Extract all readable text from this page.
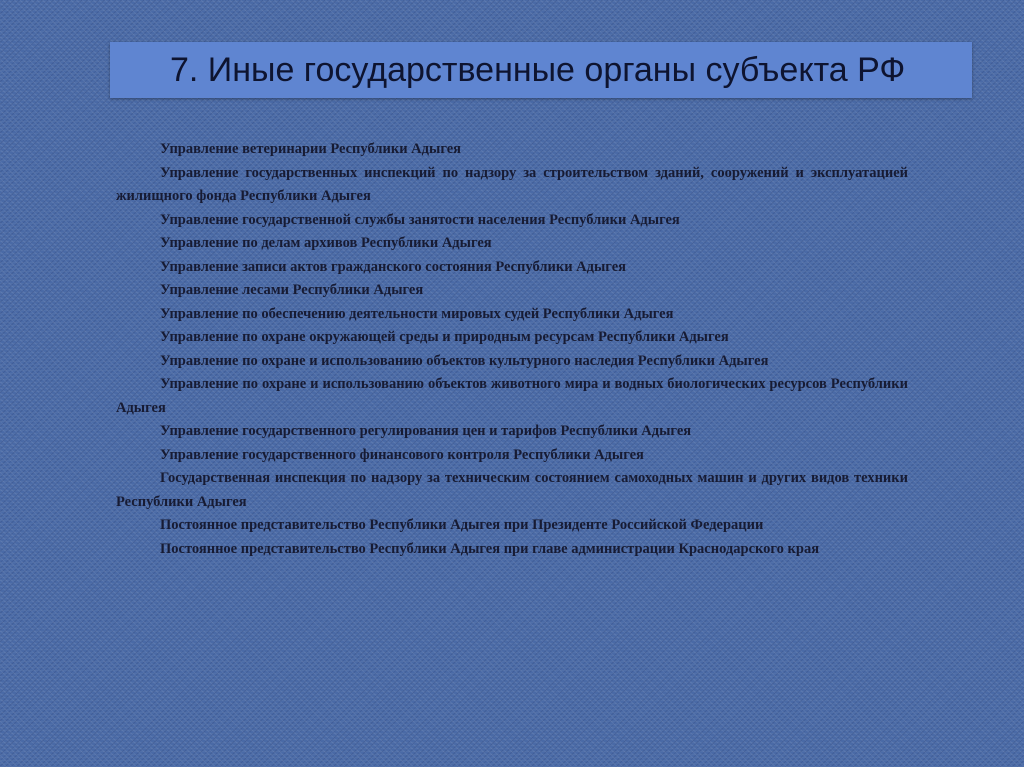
7. Иные государственные органы субъекта РФ

Управление ветеринарии Республики Адыгея

Управление государственных инспекций по надзору за строительством зданий, сооружений и эксплуатацией жилищного фонда Республики Адыгея

Управление государственной службы занятости населения Республики Адыгея

Управление по делам архивов Республики Адыгея

Управление записи актов гражданского состояния Республики Адыгея

Управление лесами Республики Адыгея

Управление по обеспечению деятельности мировых судей Республики Адыгея

Управление по охране окружающей среды и природным ресурсам Республики Адыгея

Управление по охране и использованию объектов культурного наследия Республики Адыгея

Управление по охране и использованию объектов животного мира и водных биологических ресурсов Республики Адыгея

Управление государственного регулирования цен и тарифов Республики Адыгея

Управление государственного финансового контроля Республики Адыгея

Государственная инспекция по надзору за техническим состоянием самоходных машин и других видов техники Республики Адыгея

Постоянное представительство Республики Адыгея при Президенте Российской Федерации

Постоянное представительство Республики Адыгея при главе администрации Краснодарского края
